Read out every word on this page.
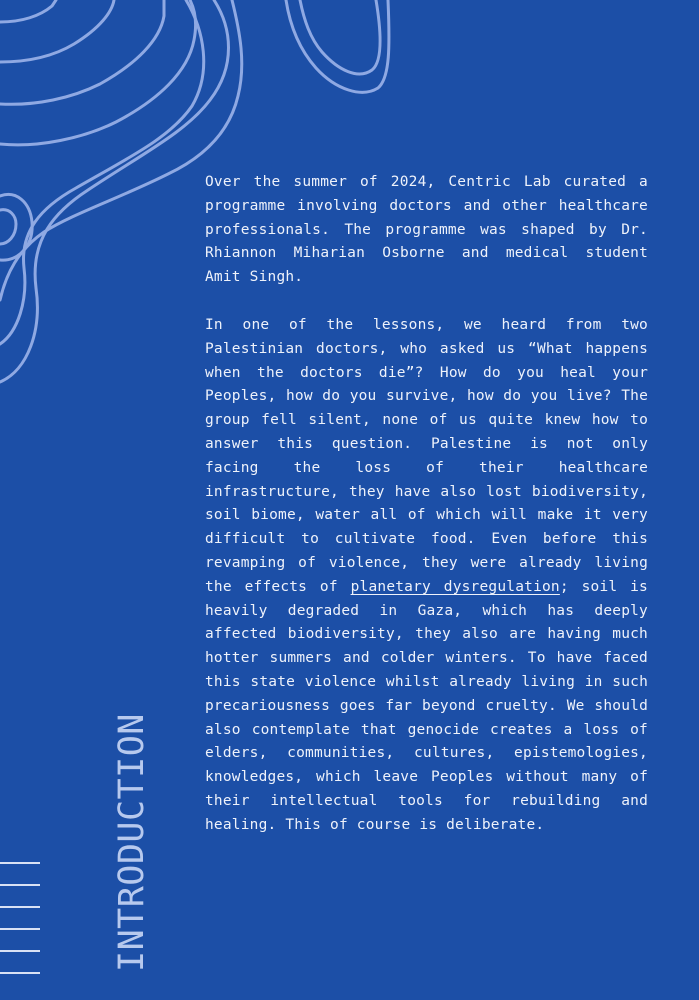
Over the summer of 2024, Centric Lab curated a programme involving doctors and other healthcare professionals. The programme was shaped by Dr. Rhiannon Miharian Osborne and medical student Amit Singh.

In one of the lessons, we heard from two Palestinian doctors, who asked us “What happens when the doctors die”? How do you heal your Peoples, how do you survive, how do you live? The group fell silent, none of us quite knew how to answer this question. Palestine is not only facing the loss of their healthcare infrastructure, they have also lost biodiversity, soil biome, water all of which will make it very difficult to cultivate food. Even before this revamping of violence, they were already living the effects of planetary dysregulation; soil is heavily degraded in Gaza, which has deeply affected biodiversity, they also are having much hotter summers and colder winters. To have faced this state violence whilst already living in such precariousness goes far beyond cruelty. We should also contemplate that genocide creates a loss of elders, communities, cultures, epistemologies, knowledges, which leave Peoples without many of their intellectual tools for rebuilding and healing. This of course is deliberate.

INTRODUCTION
